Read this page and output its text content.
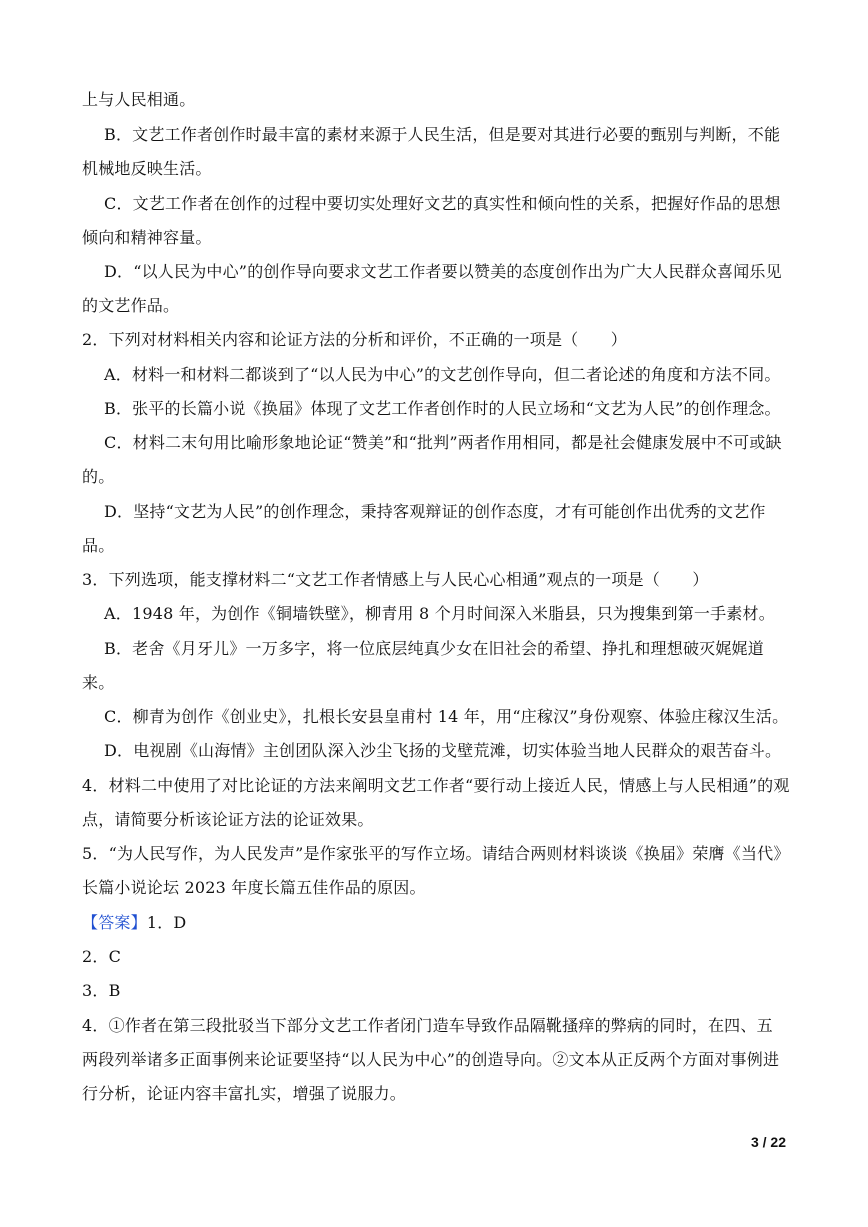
上与人民相通。
B．文艺工作者创作时最丰富的素材来源于人民生活，但是要对其进行必要的甄别与判断，不能
机械地反映生活。
C．文艺工作者在创作的过程中要切实处理好文艺的真实性和倾向性的关系，把握好作品的思想
倾向和精神容量。
D．“以人民为中心”的创作导向要求文艺工作者要以赞美的态度创作出为广大人民群众喜闻乐见
的文艺作品。
2．下列对材料相关内容和论证方法的分析和评价，不正确的一项是（　　）
A．材料一和材料二都谈到了“以人民为中心”的文艺创作导向，但二者论述的角度和方法不同。
B．张平的长篇小说《换届》体现了文艺工作者创作时的人民立场和“文艺为人民”的创作理念。
C．材料二末句用比喻形象地论证“赞美”和“批判”两者作用相同，都是社会健康发展中不可或缺
的。
D．坚持“文艺为人民”的创作理念，秉持客观辩证的创作态度，才有可能创作出优秀的文艺作
品。
3．下列选项，能支撑材料二“文艺工作者情感上与人民心心相通”观点的一项是（　　）
A．1948 年，为创作《铜墙铁壁》，柳青用 8 个月时间深入米脂县，只为搜集到第一手素材。
B．老舍《月牙儿》一万多字，将一位底层纯真少女在旧社会的希望、挣扎和理想破灭娓娓道
来。
C．柳青为创作《创业史》，扎根长安县皇甫村 14 年，用“庄稼汉”身份观察、体验庄稼汉生活。
D．电视剧《山海情》主创团队深入沙尘飞扬的戈壁荒滩，切实体验当地人民群众的艰苦奋斗。
4．材料二中使用了对比论证的方法来阐明文艺工作者“要行动上接近人民，情感上与人民相通”的观
点，请简要分析该论证方法的论证效果。
5．“为人民写作，为人民发声”是作家张平的写作立场。请结合两则材料谈谈《换届》荣膺《当代》
长篇小说论坛 2023 年度长篇五佳作品的原因。
【答案】1．D
2．C
3．B
4．①作者在第三段批驳当下部分文艺工作者闭门造车导致作品隔靴搔痒的弊病的同时，在四、五
两段列举诸多正面事例来论证要坚持“以人民为中心”的创造导向。②文本从正反两个方面对事例进
行分析，论证内容丰富扎实，增强了说服力。
3 / 22
